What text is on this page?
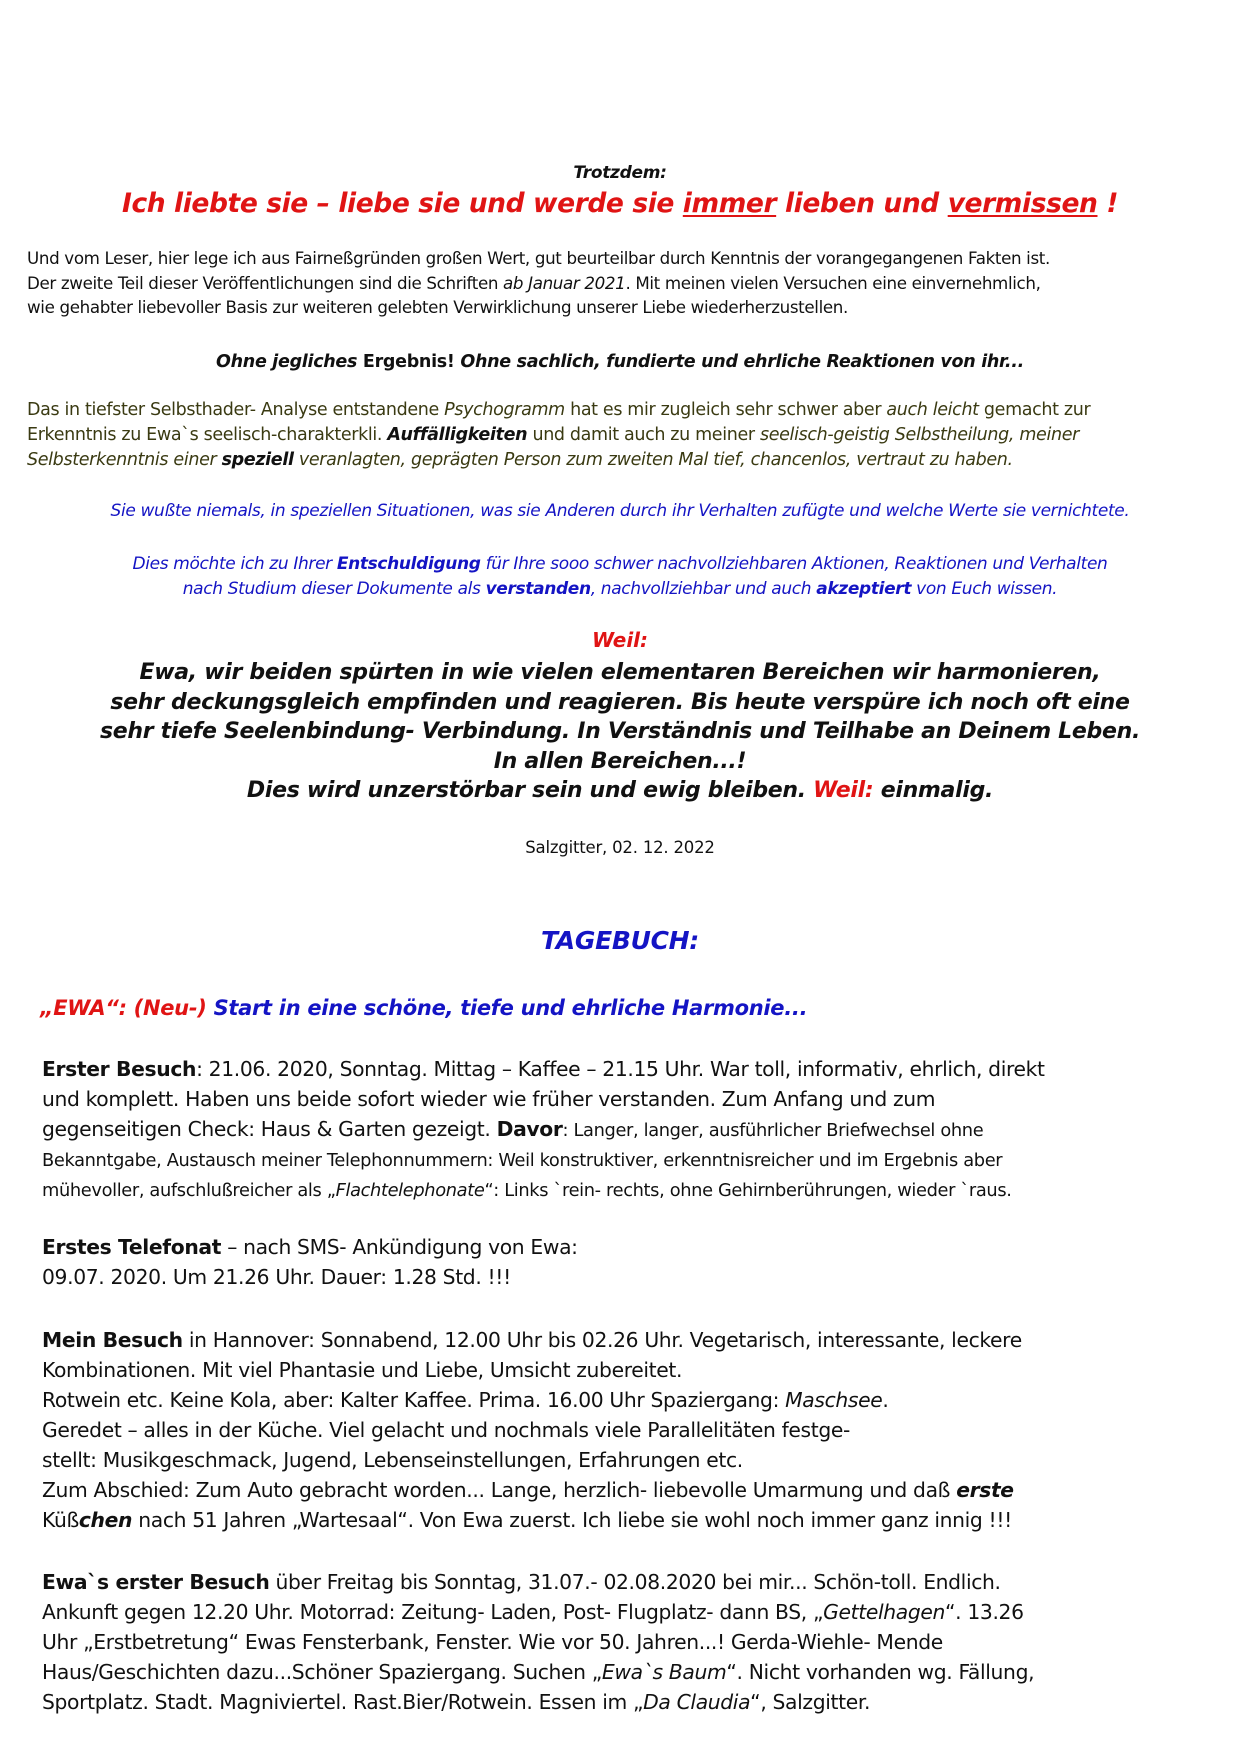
Trotzdem:
Ich liebte sie – liebe sie und werde sie immer lieben und vermissen !

Und vom Leser, hier lege ich aus Fairneßgründen großen Wert, gut beurteilbar durch Kenntnis der vorangegangenen Fakten ist.

Der zweite Teil dieser Veröffentlichungen sind die Schriften ab Januar 2021. Mit meinen vielen Versuchen eine einvernehmlich,

wie gehabter liebevoller Basis zur weiteren gelebten Verwirklichung unserer Liebe wiederherzustellen.

Ohne jegliches Ergebnis! Ohne sachlich, fundierte und ehrliche Reaktionen von ihr...

Das in tiefster Selbsthader- Analyse entstandene Psychogramm hat es mir zugleich sehr schwer aber auch leicht gemacht zur

Erkenntnis zu Ewa`s seelisch-charakterkli. Auffälligkeiten und damit auch zu meiner seelisch-geistig Selbstheilung, meiner

Selbsterkenntnis einer speziell veranlagten, geprägten Person zum zweiten Mal tief, chancenlos, vertraut zu haben.

Sie wußte niemals, in speziellen Situationen, was sie Anderen durch ihr Verhalten zufügte und welche Werte sie vernichtete.

Dies möchte ich zu Ihrer Entschuldigung für Ihre sooo schwer nachvollziehbaren Aktionen, Reaktionen und Verhalten

nach Studium dieser Dokumente als verstanden, nachvollziehbar und auch akzeptiert von Euch wissen.

Weil:

Ewa, wir beiden spürten in wie vielen elementaren Bereichen wir harmonieren,

sehr deckungsgleich empfinden und reagieren. Bis heute verspüre ich noch oft eine

sehr tiefe Seelenbindung- Verbindung. In Verständnis und Teilhabe an Deinem Leben.

In allen Bereichen...!

Dies wird unzerstörbar sein und ewig bleiben. Weil: einmalig.

Salzgitter, 02. 12. 2022
TAGEBUCH:
„EWA“: (Neu-) Start in eine schöne, tiefe und ehrliche Harmonie...

Erster Besuch: 21.06. 2020, Sonntag. Mittag – Kaffee – 21.15 Uhr. War toll, informativ, ehrlich, direkt

und komplett. Haben uns beide sofort wieder wie früher verstanden. Zum Anfang und zum

gegenseitigen Check: Haus & Garten gezeigt. Davor: Langer, langer, ausführlicher Briefwechsel ohne

Bekanntgabe, Austausch meiner Telephonnummern: Weil konstruktiver, erkenntnisreicher und im Ergebnis aber

mühevoller, aufschlußreicher als „Flachtelephonate“: Links `rein- rechts, ohne Gehirnberührungen, wieder `raus.

Erstes Telefonat – nach SMS- Ankündigung von Ewa:

09.07. 2020. Um 21.26 Uhr. Dauer: 1.28 Std. !!!

Mein Besuch in Hannover: Sonnabend, 12.00 Uhr bis 02.26 Uhr. Vegetarisch, interessante, leckere

Kombinationen. Mit viel Phantasie und Liebe, Umsicht zubereitet.

Rotwein etc. Keine Kola, aber: Kalter Kaffee. Prima. 16.00 Uhr Spaziergang: Maschsee.

Geredet – alles in der Küche. Viel gelacht und nochmals viele Parallelitäten festge-

stellt: Musikgeschmack, Jugend, Lebenseinstellungen, Erfahrungen etc.

Zum Abschied: Zum Auto gebracht worden... Lange, herzlich- liebevolle Umarmung und daß erste

Küßchen nach 51 Jahren „Wartesaal“. Von Ewa zuerst. Ich liebe sie wohl noch immer ganz innig !!!

Ewa`s erster Besuch über Freitag bis Sonntag, 31.07.- 02.08.2020 bei mir... Schön-toll. Endlich.

Ankunft gegen 12.20 Uhr. Motorrad: Zeitung- Laden, Post- Flugplatz- dann BS, „Gettelhagen“. 13.26

Uhr „Erstbetretung“ Ewas Fensterbank, Fenster. Wie vor 50. Jahren...! Gerda-Wiehle- Mende

Haus/Geschichten dazu...Schöner Spaziergang. Suchen „Ewa`s Baum“. Nicht vorhanden wg. Fällung,

Sportplatz. Stadt. Magniviertel. Rast.Bier/Rotwein. Essen im „Da Claudia“, Salzgitter.
